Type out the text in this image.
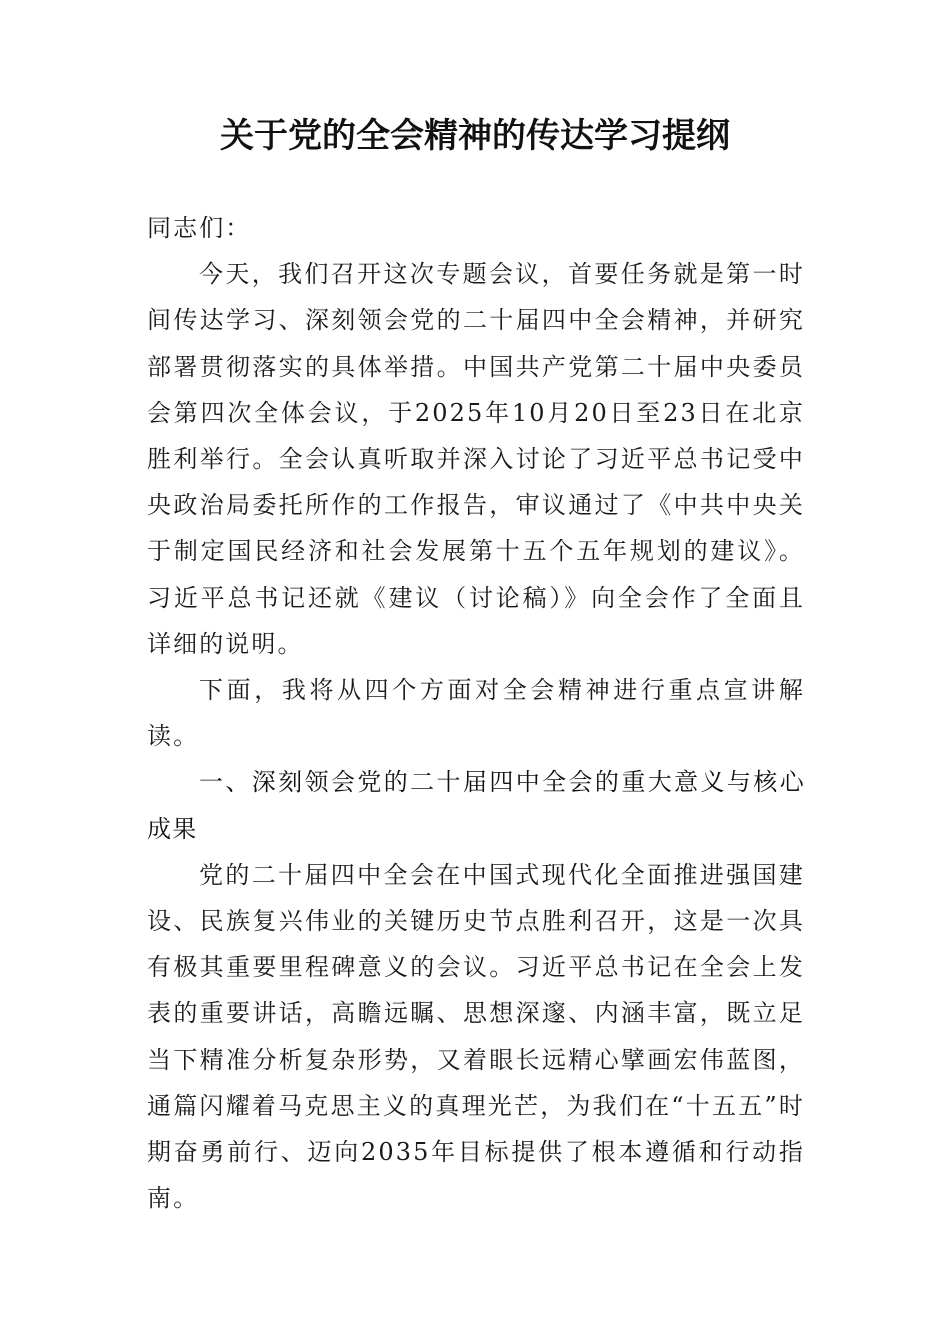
关于党的全会精神的传达学习提纲

同志们：

今天，我们召开这次专题会议，首要任务就是第一时间传达学习、深刻领会党的二十届四中全会精神，并研究部署贯彻落实的具体举措。中国共产党第二十届中央委员会第四次全体会议，于2025年10月20日至23日在北京胜利举行。全会认真听取并深入讨论了习近平总书记受中央政治局委托所作的工作报告，审议通过了《中共中央关于制定国民经济和社会发展第十五个五年规划的建议》。习近平总书记还就《建议（讨论稿）》向全会作了全面且详细的说明。

下面，我将从四个方面对全会精神进行重点宣讲解读。

一、深刻领会党的二十届四中全会的重大意义与核心成果

党的二十届四中全会在中国式现代化全面推进强国建设、民族复兴伟业的关键历史节点胜利召开，这是一次具有极其重要里程碑意义的会议。习近平总书记在全会上发表的重要讲话，高瞻远瞩、思想深邃、内涵丰富，既立足当下精准分析复杂形势，又着眼长远精心擘画宏伟蓝图，通篇闪耀着马克思主义的真理光芒，为我们在“十五五”时期奋勇前行、迈向2035年目标提供了根本遵循和行动指南。
